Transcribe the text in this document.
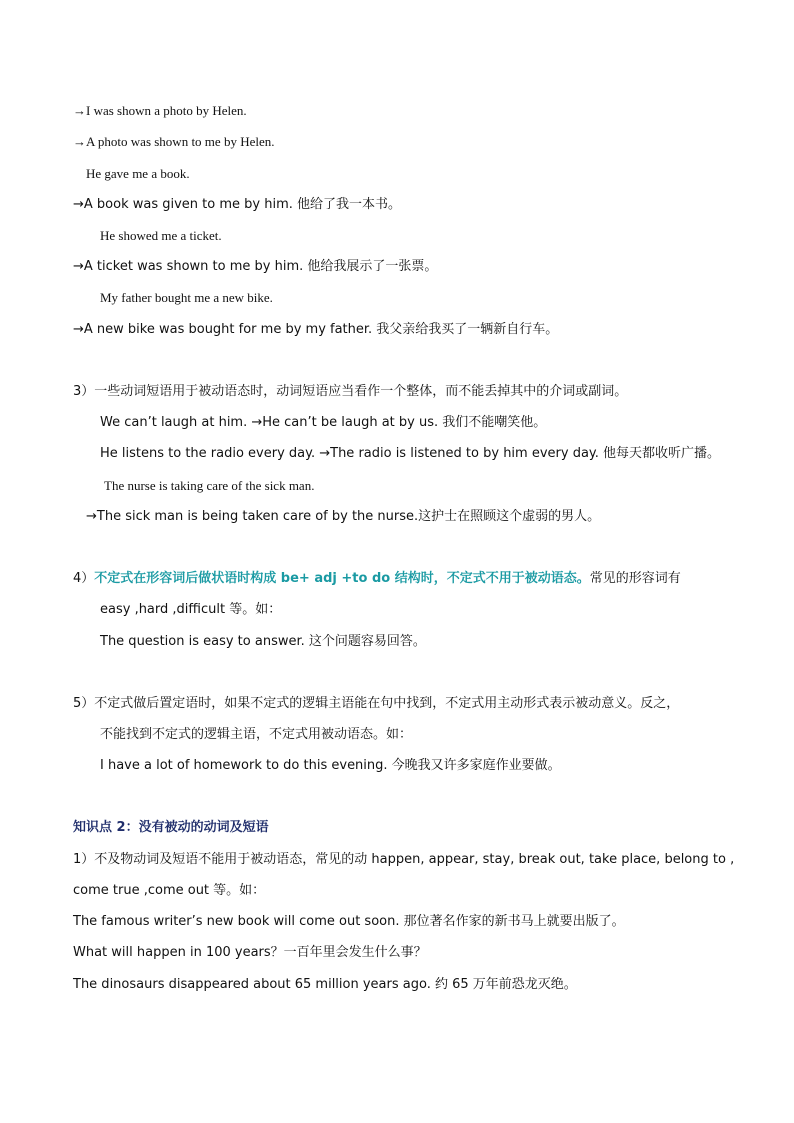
→I was shown a photo by Helen.
→A photo was shown to me by Helen.
He gave me a book.
→A book was given to me by him. 他给了我一本书。
He showed me a ticket.
→A ticket was shown to me by him. 他给我展示了一张票。
My father bought me a new bike.
→A new bike was bought for me by my father. 我父亲给我买了一辆新自行车。
3）一些动词短语用于被动语态时，动词短语应当看作一个整体，而不能丢掉其中的介词或副词。
We can’t laugh at him. →He can’t be laugh at by us. 我们不能嘲笑他。
He listens to the radio every day. →The radio is listened to by him every day. 他每天都收听广播。
The nurse is taking care of the sick man.
→The sick man is being taken care of by the nurse.这护士在照顾这个虚弱的男人。
4）不定式在形容词后做状语时构成 be+ adj +to do 结构时，不定式不用于被动语态。常见的形容词有
easy ,hard ,difficult 等。如：
The question is easy to answer. 这个问题容易回答。
5）不定式做后置定语时，如果不定式的逻辑主语能在句中找到，不定式用主动形式表示被动意义。反之，
不能找到不定式的逻辑主语，不定式用被动语态。如：
I have a lot of homework to do this evening. 今晚我又许多家庭作业要做。
知识点 2：没有被动的动词及短语
1）不及物动词及短语不能用于被动语态，常见的动 happen, appear, stay, break out, take place, belong to ,
come true ,come out 等。如：
The famous writer’s new book will come out soon. 那位著名作家的新书马上就要出版了。
What will happen in 100 years？一百年里会发生什么事？
The dinosaurs disappeared about 65 million years ago. 约 65 万年前恐龙灭绝。
